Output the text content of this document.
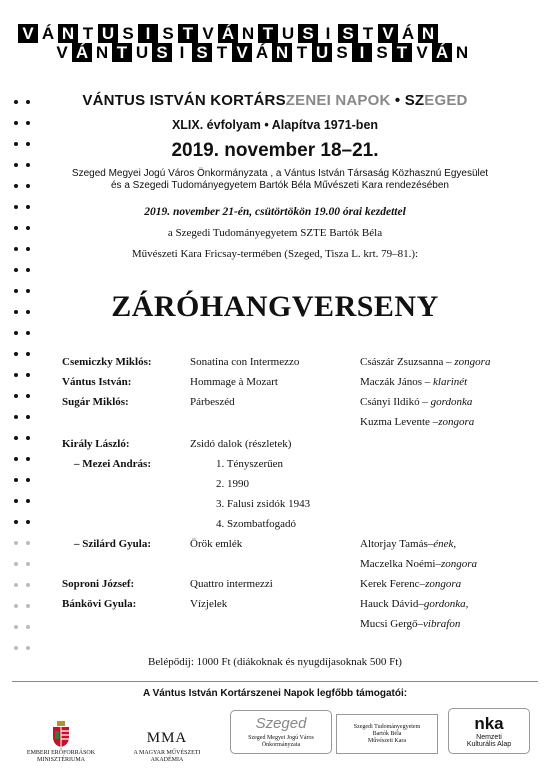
V Á N T U S I S T V Á N T U S I S T V Á N
V Á N T U S I S T V Á N T U S I S T V Á N
VÁNTUS ISTVÁN KORTÁRSZENEI NAPOK • SZEGED
XLIX. évfolyam • Alapítva 1971-ben
2019. november 18–21.
Szeged Megyei Jogú Város Önkormányzata , a Vántus István Társaság Közhasznú Egyesület
és a Szegedi Tudományegyetem Bartók Béla Művészeti Kara rendezésében
2019. november 21-én, csütörtökön 19.00 órai kezdettel
a Szegedi Tudományegyetem SZTE Bartók Béla
Művészeti Kara Fricsay-termében (Szeged, Tisza L. krt. 79–81.):
ZÁRÓHANGVERSENY
Csemiczky Miklós:	Sonatina con Intermezzo	Császár Zsuzsanna – zongora
Vántus István:	Hommage à Mozart	Maczák János – klarinét
Sugár Miklós:	Párbeszéd	Csányi Ildikó – gordonka
Kuzma Levente –zongora
Király László:	Zsidó dalok (részletek)
– Mezei András:	1. Tényszerűen
2. 1990
3. Falusi zsidók 1943
4. Szombatfogadó
– Szilárd Gyula:	Örök emlék	Altorjay Tamás–ének,
Maczelka Noémi–zongora
Soproni József:	Quattro intermezzi	Kerek Ferenc–zongora
Bánkövi Gyula:	Vízjelek	Hauck Dávid–gordonka,
Mucsi Gergő–vibrafon
Belépődíj: 1000 Ft (diákoknak és nyugdíjasoknak 500 Ft)
A Vántus István Kortárszenei Napok legfőbb támogatói:
EMBERI ERŐFORRÁSOK
MINISZTÉRIUMA
MMA
A MAGYAR MŰVÉSZETI
AKADÉMIA
Szeged
Szeged Megyei Jogú Város
Önkormányzata
Szegedi Tudományegyetem
Bartók Béla
Művészeti Kara
nka
Nemzeti
Kulturális Alap
